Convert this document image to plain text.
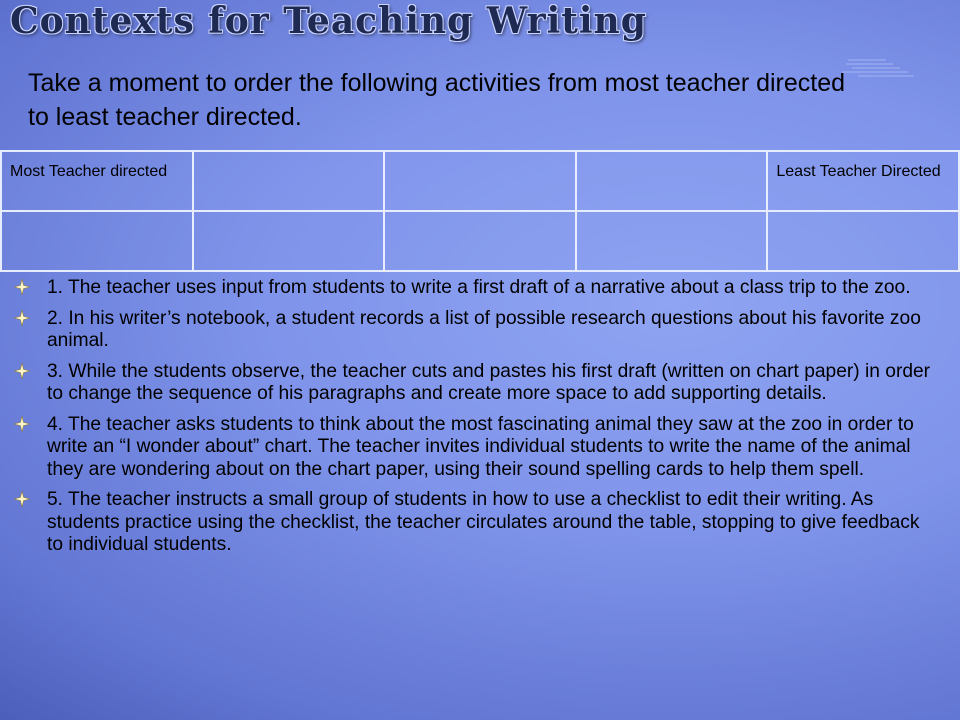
Contexts for Teaching Writing

Take a moment to order the following activities from most teacher directed to least teacher directed.

Most Teacher directed				Least Teacher Directed

1. The teacher uses input from students to write a first draft of a narrative about a class trip to the zoo.
2. In his writer’s notebook, a student records a list of possible research questions about his favorite zoo animal.
3. While the students observe, the teacher cuts and pastes his first draft (written on chart paper) in order to change the sequence of his paragraphs and create more space to add supporting details.
4. The teacher asks students to think about the most fascinating animal they saw at the zoo in order to write an “I wonder about” chart. The teacher invites individual students to write the name of the animal they are wondering about on the chart paper, using their sound spelling cards to help them spell.
5. The teacher instructs a small group of students in how to use a checklist to edit their writing. As students practice using the checklist, the teacher circulates around the table, stopping to give feedback to individual students.
